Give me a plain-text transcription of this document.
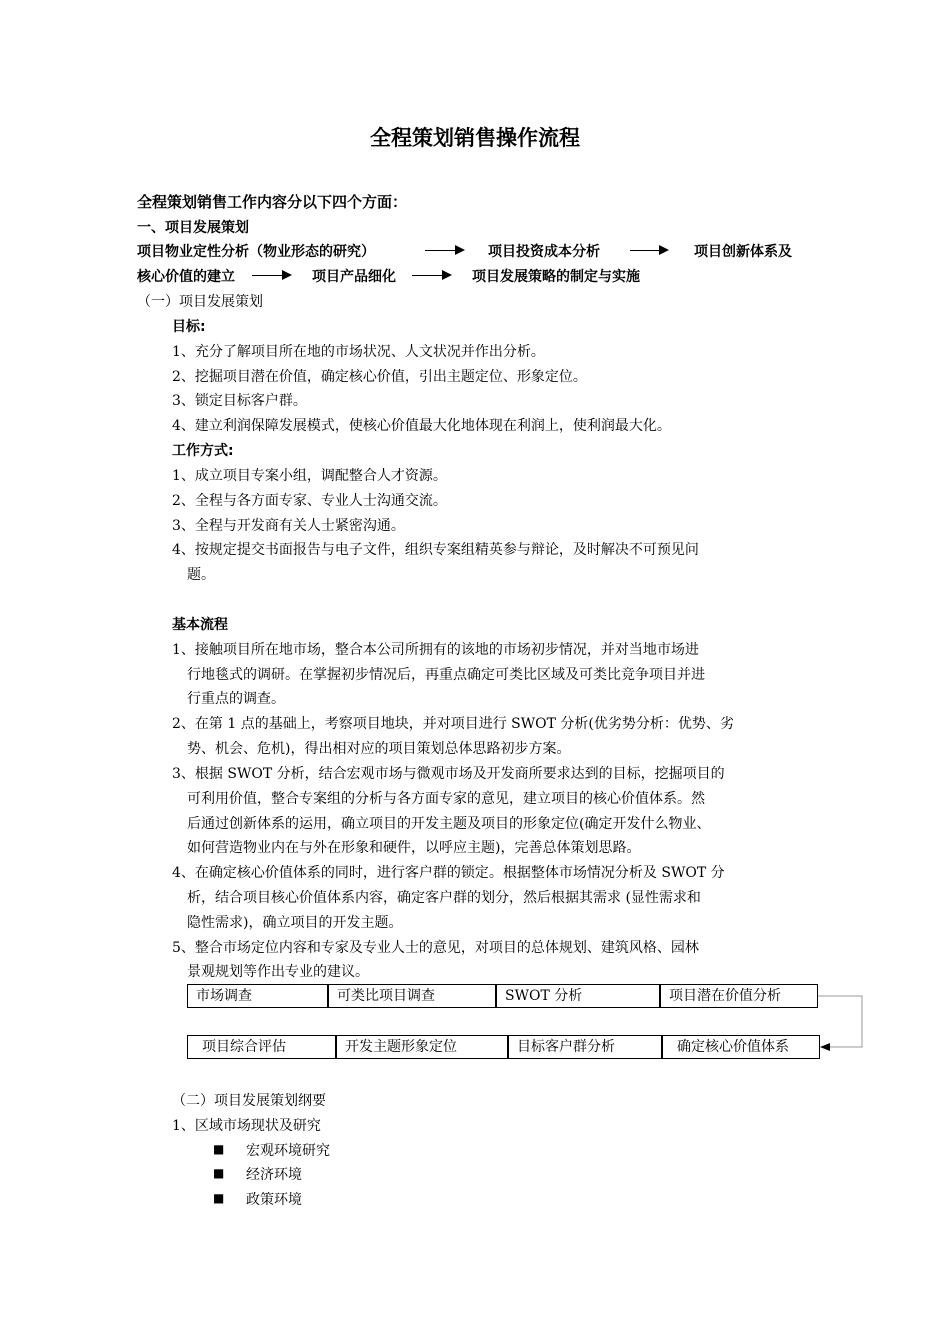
全程策划销售操作流程
全程策划销售工作内容分以下四个方面：
一、项目发展策划
项目物业定性分析（物业形态的研究）	项目投资成本分析	项目创新体系及
核心价值的建立	项目产品细化	项目发展策略的制定与实施
（一）项目发展策划
目标:
1、充分了解项目所在地的市场状况、人文状况并作出分析。
2、挖掘项目潜在价值，确定核心价值，引出主题定位、形象定位。
3、锁定目标客户群。
4、建立利润保障发展模式，使核心价值最大化地体现在利润上，使利润最大化。
工作方式:
1、成立项目专案小组，调配整合人才资源。
2、全程与各方面专家、专业人士沟通交流。
3、全程与开发商有关人士紧密沟通。
4、按规定提交书面报告与电子文件，组织专案组精英参与辩论，及时解决不可预见问
题。
基本流程
1、接触项目所在地市场，整合本公司所拥有的该地的市场初步情况，并对当地市场进
行地毯式的调研。在掌握初步情况后，再重点确定可类比区域及可类比竞争项目并进
行重点的调查。
2、在第 1 点的基础上，考察项目地块，并对项目进行 SWOT 分析(优劣势分析：优势、劣
势、机会、危机)，得出相对应的项目策划总体思路初步方案。
3、根据 SWOT 分析，结合宏观市场与微观市场及开发商所要求达到的目标，挖掘项目的
可利用价值，整合专案组的分析与各方面专家的意见，建立项目的核心价值体系。然
后通过创新体系的运用，确立项目的开发主题及项目的形象定位(确定开发什么物业、
如何营造物业内在与外在形象和硬件，以呼应主题)，完善总体策划思路。
4、在确定核心价值体系的同时，进行客户群的锁定。根据整体市场情况分析及 SWOT 分
析，结合项目核心价值体系内容，确定客户群的划分，然后根据其需求 (显性需求和
隐性需求)，确立项目的开发主题。
5、整合市场定位内容和专家及专业人士的意见，对项目的总体规划、建筑风格、园林
景观规划等作出专业的建议。
市场调查	可类比项目调查	SWOT 分析	项目潜在价值分析
项目综合评估	开发主题形象定位	目标客户群分析	确定核心价值体系
（二）项目发展策划纲要
1、区域市场现状及研究
■ 宏观环境研究
■ 经济环境
■ 政策环境
